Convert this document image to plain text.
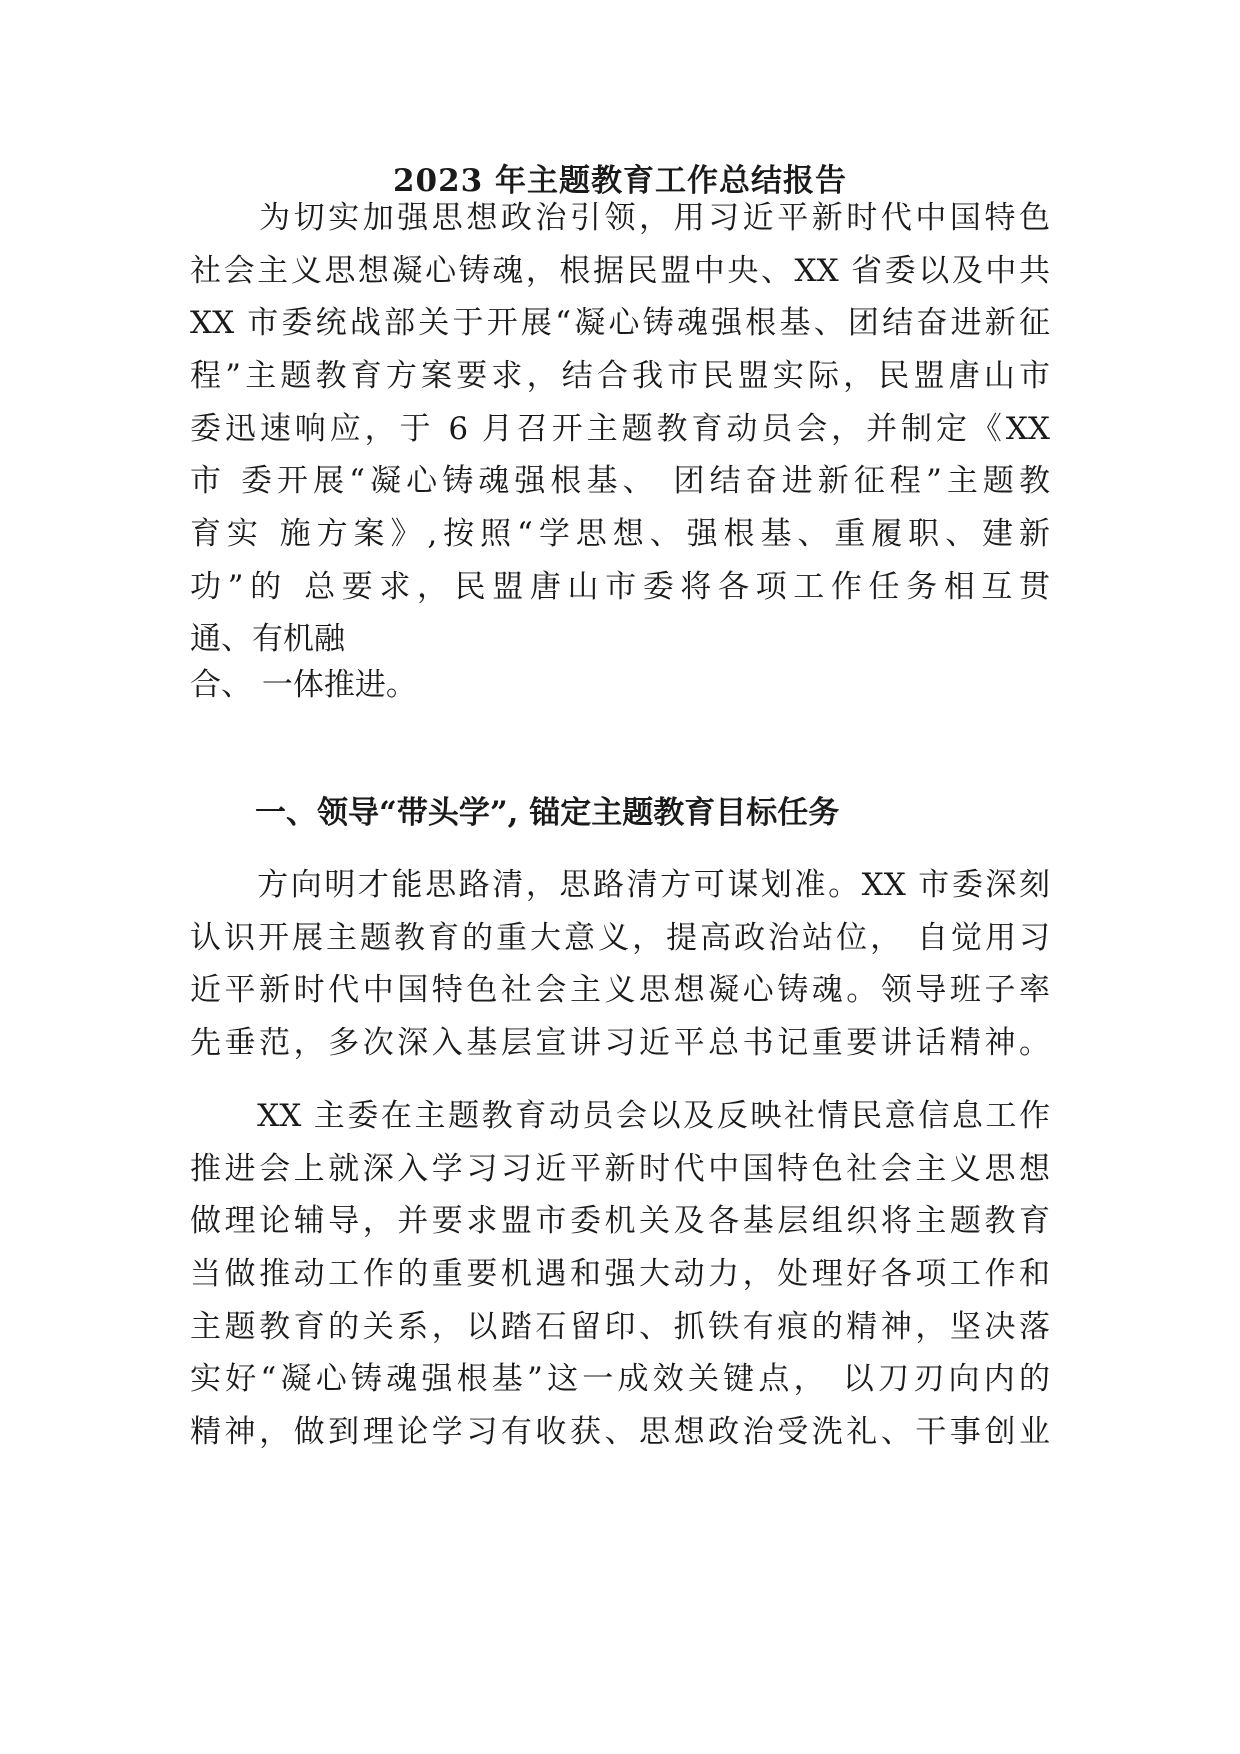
2023 年主题教育工作总结报告
　　为切实加强思想政治引领，用习近平新时代中国特色
社会主义思想凝心铸魂，根据民盟中央、XX 省委以及中共
XX 市委统战部关于开展“凝心铸魂强根基、团结奋进新征
程”主题教育方案要求，结合我市民盟实际，民盟唐山市
委迅速响应，于 6 月召开主题教育动员会，并制定《XX
市 委开展“凝心铸魂强根基、 团结奋进新征程”主题教
育实 施方案》,按照“学思想、强根基、重履职、建新
功”的 总要求，民盟唐山市委将各项工作任务相互贯
通、有机融
合、 一体推进。
一、领导“带头学”, 锚定主题教育目标任务
　　方向明才能思路清，思路清方可谋划准。XX 市委深刻
认识开展主题教育的重大意义，提高政治站位， 自觉用习
近平新时代中国特色社会主义思想凝心铸魂。领导班子率
先垂范，多次深入基层宣讲习近平总书记重要讲话精神。
　　XX 主委在主题教育动员会以及反映社情民意信息工作
推进会上就深入学习习近平新时代中国特色社会主义思想
做理论辅导，并要求盟市委机关及各基层组织将主题教育
当做推动工作的重要机遇和强大动力，处理好各项工作和
主题教育的关系，以踏石留印、抓铁有痕的精神，坚决落
实好“凝心铸魂强根基”这一成效关键点， 以刀刃向内的
精神，做到理论学习有收获、思想政治受洗礼、干事创业
